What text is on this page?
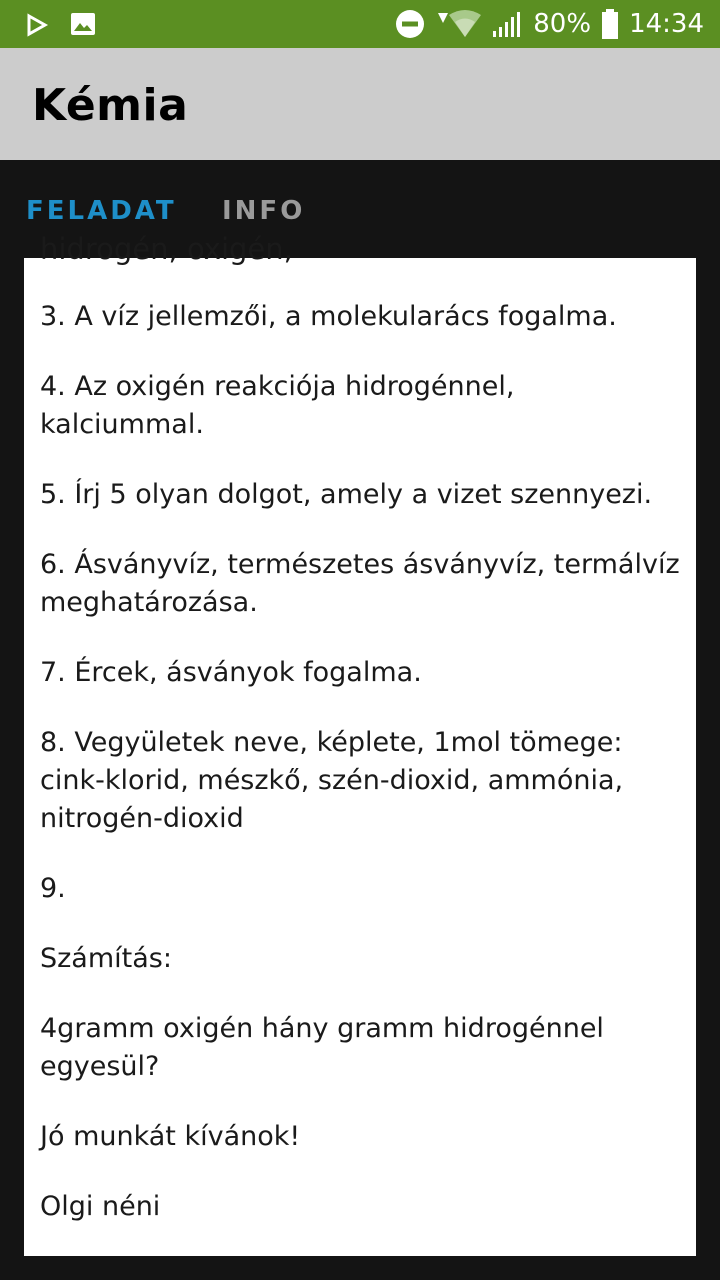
80% 14:34
Kémia
FELADAT INFO
hidrogén, oxigén,
3. A víz jellemzői, a molekularács fogalma.
4. Az oxigén reakciója hidrogénnel, kalciummal.
5. Írj 5 olyan dolgot, amely a vizet szennyezi.
6. Ásványvíz, természetes ásványvíz, termálvíz meghatározása.
7. Ércek, ásványok fogalma.
8. Vegyületek neve, képlete, 1mol tömege: cink-klorid, mészkő, szén-dioxid, ammónia, nitrogén-dioxid
9.
Számítás:
4gramm oxigén hány gramm hidrogénnel egyesül?
Jó munkát kívánok!
Olgi néni
